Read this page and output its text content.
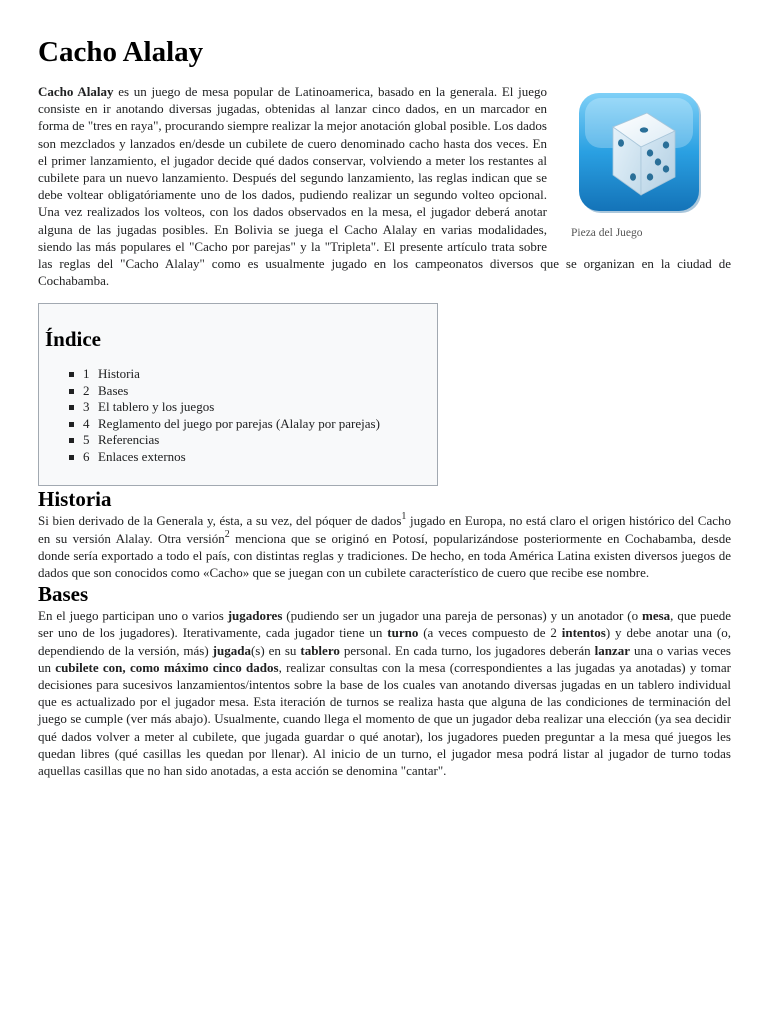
Cacho Alalay
Pieza del Juego

Cacho Alalay es un juego de mesa popular de Latinoamerica, basado en la generala. El juego consiste en ir anotando diversas jugadas, obtenidas al lanzar cinco dados, en un marcador en forma de "tres en raya", procurando siempre realizar la mejor anotación global posible. Los dados son mezclados y lanzados en/desde un cubilete de cuero denominado cacho hasta dos veces. En el primer lanzamiento, el jugador decide qué dados conservar, volviendo a meter los restantes al cubilete para un nuevo lanzamiento. Después del segundo lanzamiento, las reglas indican que se debe voltear obligatóriamente uno de los dados, pudiendo realizar un segundo volteo opcional. Una vez realizados los volteos, con los dados observados en la mesa, el jugador deberá anotar alguna de las jugadas posibles. En Bolivia se juega el Cacho Alalay en varias modalidades, siendo las más populares el "Cacho por parejas" y la "Tripleta". El presente artículo trata sobre las reglas del "Cacho Alalay" como es usualmente jugado en los campeonatos diversos que se organizan en la ciudad de Cochabamba.

Índice
1 Historia
2 Bases
3 El tablero y los juegos
4 Reglamento del juego por parejas (Alalay por parejas)
5 Referencias
6 Enlaces externos
Historia

Si bien derivado de la Generala y, ésta, a su vez, del póquer de dados$^1$ jugado en Europa, no está claro el origen histórico del Cacho en su versión Alalay. Otra versión$^2$ menciona que se originó en Potosí, popularizándose posteriormente en Cochabamba, desde donde sería exportado a todo el país, con distintas reglas y tradiciones. De hecho, en toda América Latina existen diversos juegos de dados que son conocidos como «Cacho» que se juegan con un cubilete característico de cuero que recibe ese nombre.

Bases

En el juego participan uno o varios jugadores (pudiendo ser un jugador una pareja de personas) y un anotador (o mesa, que puede ser uno de los jugadores). Iterativamente, cada jugador tiene un turno (a veces compuesto de 2 intentos) y debe anotar una (o, dependiendo de la versión, más) jugada(s) en su tablero personal. En cada turno, los jugadores deberán lanzar una o varias veces un cubilete con, como máximo cinco dados, realizar consultas con la mesa (correspondientes a las jugadas ya anotadas) y tomar decisiones para sucesivos lanzamientos/intentos sobre la base de los cuales van anotando diversas jugadas en un tablero individual que es actualizado por el jugador mesa. Esta iteración de turnos se realiza hasta que alguna de las condiciones de terminación del juego se cumple (ver más abajo). Usualmente, cuando llega el momento de que un jugador deba realizar una elección (ya sea decidir qué dados volver a meter al cubilete, que jugada guardar o qué anotar), los jugadores pueden preguntar a la mesa qué juegos les quedan libres (qué casillas les quedan por llenar). Al inicio de un turno, el jugador mesa podrá listar al jugador de turno todas aquellas casillas que no han sido anotadas, a esta acción se denomina "cantar".
